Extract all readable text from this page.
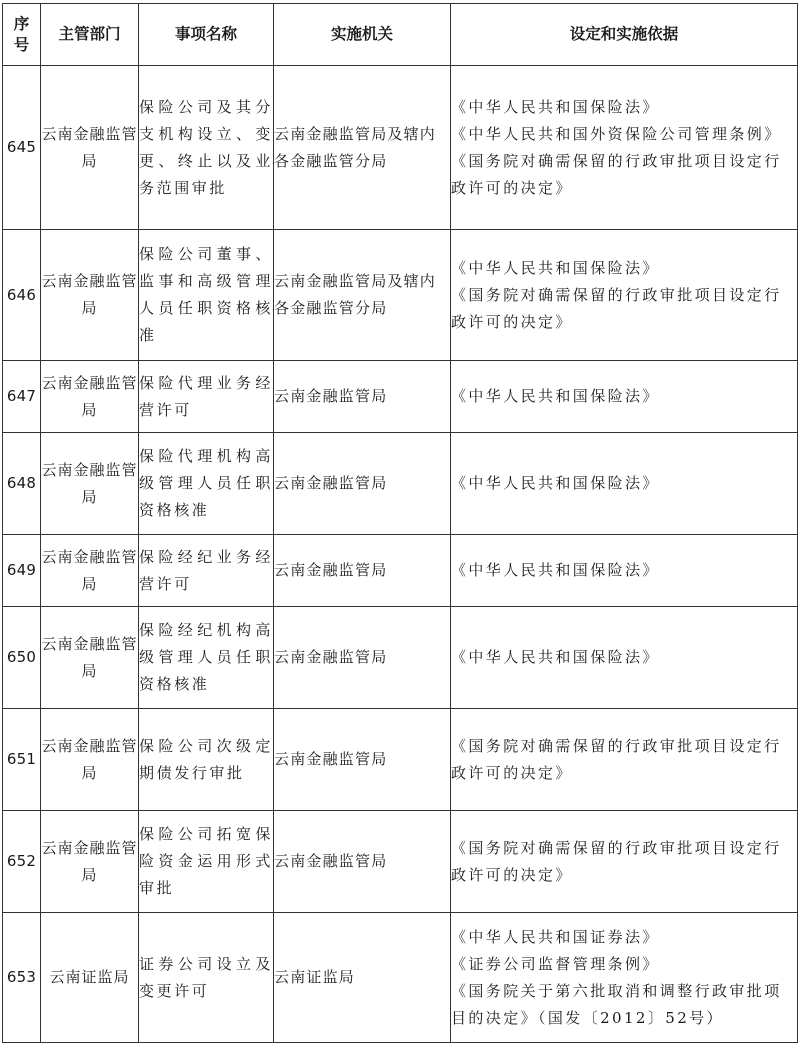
序
号	主管部门	事项名称	实施机关	设定和实施依据
645	云南金融监管局	保险公司及其分支机构设立、变更、终止以及业务范围审批	云南金融监管局及辖内各金融监管分局	《中华人民共和国保险法》
《中华人民共和国外资保险公司管理条例》
《国务院对确需保留的行政审批项目设定行政许可的决定》

646	云南金融监管局	保险公司董事、监事和高级管理人员任职资格核准	云南金融监管局及辖内各金融监管分局	《中华人民共和国保险法》
《国务院对确需保留的行政审批项目设定行政许可的决定》

647	云南金融监管局	保险代理业务经营许可	云南金融监管局	《中华人民共和国保险法》

648	云南金融监管局	保险代理机构高级管理人员任职资格核准	云南金融监管局	《中华人民共和国保险法》

649	云南金融监管局	保险经纪业务经营许可	云南金融监管局	《中华人民共和国保险法》

650	云南金融监管局	保险经纪机构高级管理人员任职资格核准	云南金融监管局	《中华人民共和国保险法》

651	云南金融监管局	保险公司次级定期债发行审批	云南金融监管局	《国务院对确需保留的行政审批项目设定行政许可的决定》

652	云南金融监管局	保险公司拓宽保险资金运用形式审批	云南金融监管局	《国务院对确需保留的行政审批项目设定行政许可的决定》

653	云南证监局	证券公司设立及变更许可	云南证监局	《中华人民共和国证券法》
《证券公司监督管理条例》
《国务院关于第六批取消和调整行政审批项目的决定》（国发〔2012〕52号）
